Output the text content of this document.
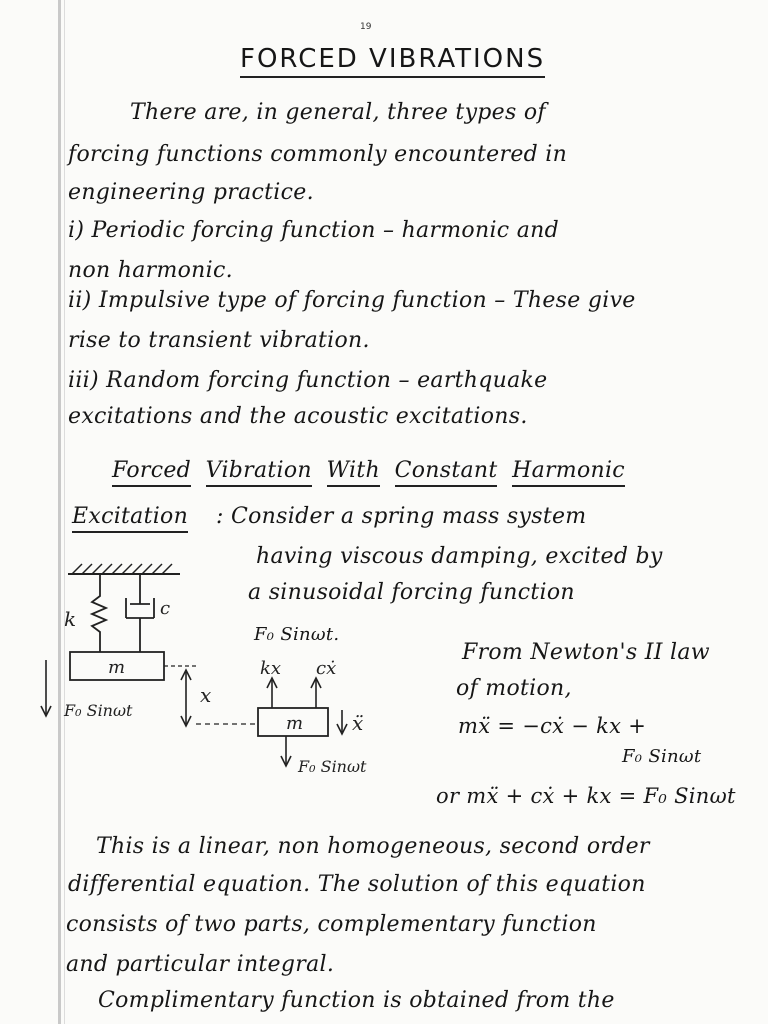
19
FORCED VIBRATIONS
There are, in general, three types of
forcing functions commonly encountered in
engineering practice.
i) Periodic forcing function – harmonic and
non harmonic.
ii) Impulsive type of forcing function – These give
rise to transient vibration.
iii) Random forcing function – earthquake
excitations and the acoustic excitations.
Forced Vibration With Constant Harmonic
Excitation : Consider a spring mass system
having viscous damping, excited by
a sinusoidal forcing function
F₀ Sinωt.
From Newton's II law
of motion,
mẍ = −cẋ − kx +
F₀ Sinωt
or mẍ + cẋ + kx = F₀ Sinωt
k	c
m
F₀ Sinωt
x
m
kx cẋ
ẍ
F₀ Sinωt
This is a linear, non homogeneous, second order
differential equation. The solution of this equation
consists of two parts, complementary function
and particular integral.
Complimentary function is obtained from the
